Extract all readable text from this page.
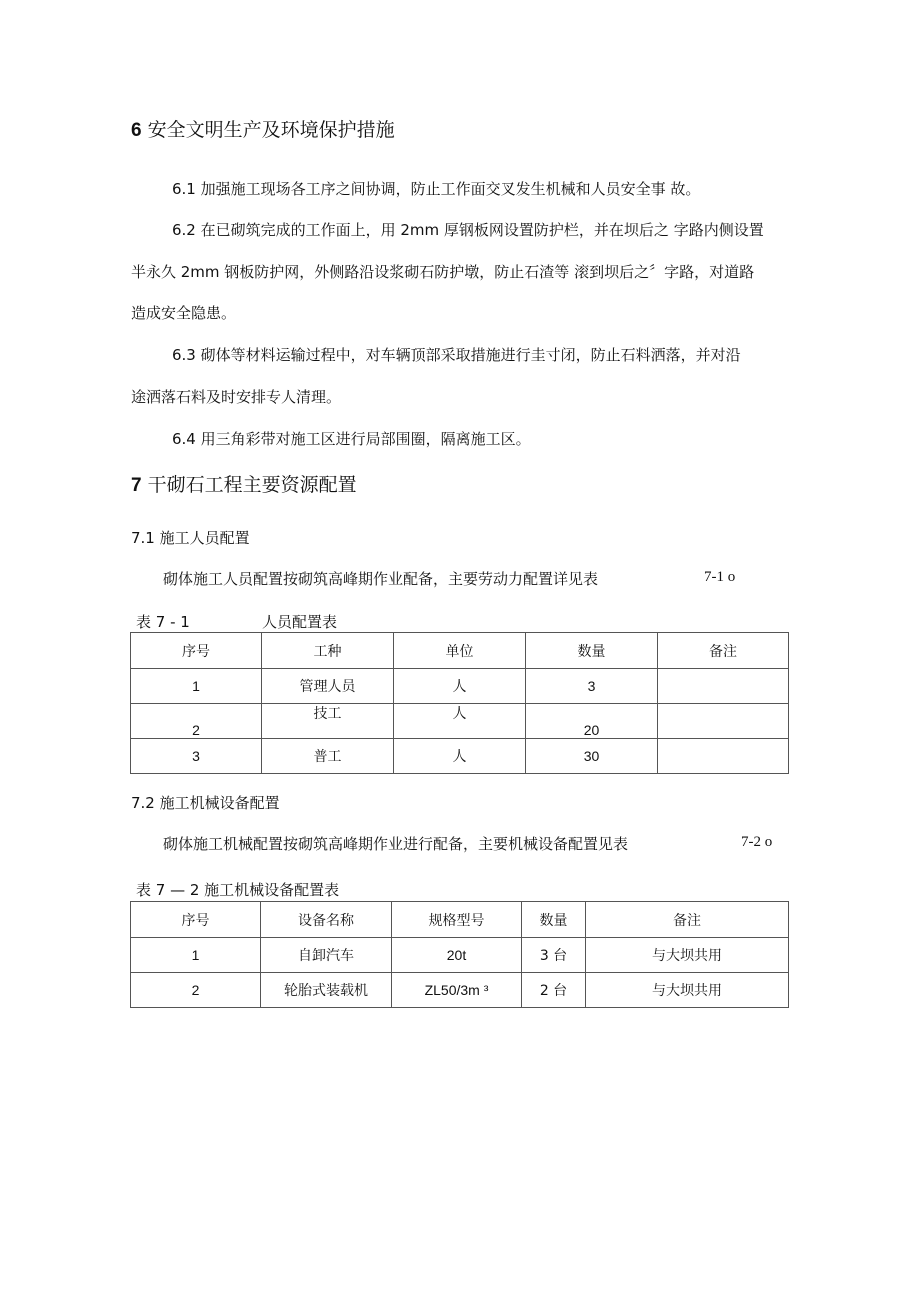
6 安全文明生产及环境保护措施
6.1 加强施工现场各工序之间协调，防止工作面交叉发生机械和人员安全事 故。
6.2 在已砌筑完成的工作面上，用 2mm 厚钢板网设置防护栏，并在坝后之 字路内侧设置
半永久 2mm 钢板防护网，外侧路沿设浆砌石防护墩，防止石渣等 滚到坝后之〞字路，对道路
造成安全隐患。
6.3 砌体等材料运输过程中，对车辆顶部采取措施进行圭寸闭，防止石料洒落，并对沿
途洒落石料及时安排专人清理。
6.4 用三角彩带对施工区进行局部围圈，隔离施工区。
7 干砌石工程主要资源配置
7.1 施工人员配置
砌体施工人员配置按砌筑高峰期作业配备，主要劳动力配置详见表	7-1 o
表 7 - 1	人员配置表
序号	工种	单位	数量	备注
1	管理人员	人	3	
2	技工	人	20	
3	普工	人	30	
7.2 施工机械设备配置
砌体施工机械配置按砌筑高峰期作业进行配备，主要机械设备配置见表	7-2 o
表 7 — 2 施工机械设备配置表
序号	设备名称	规格型号	数量	备注
1	自卸汽车	20t	3 台	与大坝共用
2	轮胎式装载机	ZL50/3m ³	2 台	与大坝共用
